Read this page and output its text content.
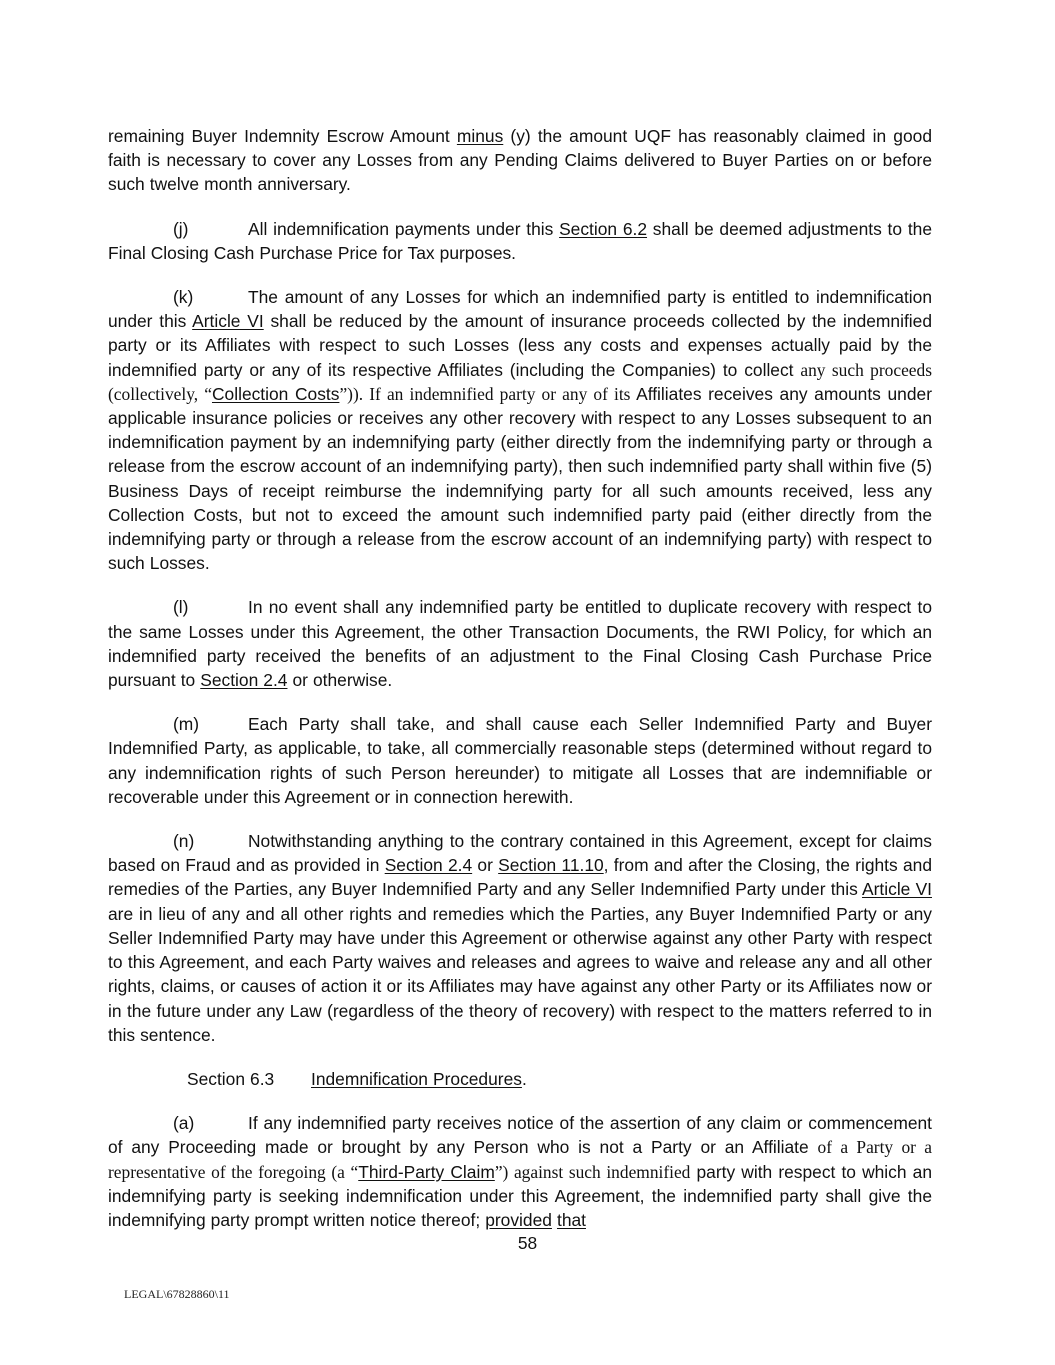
remaining Buyer Indemnity Escrow Amount minus (y) the amount UQF has reasonably claimed in good faith is necessary to cover any Losses from any Pending Claims delivered to Buyer Parties on or before such twelve month anniversary.

(j)	All indemnification payments under this Section 6.2 shall be deemed adjustments to the Final Closing Cash Purchase Price for Tax purposes.

(k)	The amount of any Losses for which an indemnified party is entitled to indemnification under this Article VI shall be reduced by the amount of insurance proceeds collected by the indemnified party or its Affiliates with respect to such Losses (less any costs and expenses actually paid by the indemnified party or any of its respective Affiliates (including the Companies) to collect any such proceeds (collectively, “Collection Costs”)). If an indemnified party or any of its Affiliates receives any amounts under applicable insurance policies or receives any other recovery with respect to any Losses subsequent to an indemnification payment by an indemnifying party (either directly from the indemnifying party or through a release from the escrow account of an indemnifying party), then such indemnified party shall within five (5) Business Days of receipt reimburse the indemnifying party for all such amounts received, less any Collection Costs, but not to exceed the amount such indemnified party paid (either directly from the indemnifying party or through a release from the escrow account of an indemnifying party) with respect to such Losses.

(l)	In no event shall any indemnified party be entitled to duplicate recovery with respect to the same Losses under this Agreement, the other Transaction Documents, the RWI Policy, for which an indemnified party received the benefits of an adjustment to the Final Closing Cash Purchase Price pursuant to Section 2.4 or otherwise.

(m)	Each Party shall take, and shall cause each Seller Indemnified Party and Buyer Indemnified Party, as applicable, to take, all commercially reasonable steps (determined without regard to any indemnification rights of such Person hereunder) to mitigate all Losses that are indemnifiable or recoverable under this Agreement or in connection herewith.

(n)	Notwithstanding anything to the contrary contained in this Agreement, except for claims based on Fraud and as provided in Section 2.4 or Section 11.10, from and after the Closing, the rights and remedies of the Parties, any Buyer Indemnified Party and any Seller Indemnified Party under this Article VI are in lieu of any and all other rights and remedies which the Parties, any Buyer Indemnified Party or any Seller Indemnified Party may have under this Agreement or otherwise against any other Party with respect to this Agreement, and each Party waives and releases and agrees to waive and release any and all other rights, claims, or causes of action it or its Affiliates may have against any other Party or its Affiliates now or in the future under any Law (regardless of the theory of recovery) with respect to the matters referred to in this sentence.

Section 6.3 Indemnification Procedures.

(a)	If any indemnified party receives notice of the assertion of any claim or commencement of any Proceeding made or brought by any Person who is not a Party or an Affiliate of a Party or a representative of the foregoing (a “Third-Party Claim”) against such indemnified party with respect to which an indemnifying party is seeking indemnification under this Agreement, the indemnified party shall give the indemnifying party prompt written notice thereof; provided that

58
LEGAL\67828860\11
